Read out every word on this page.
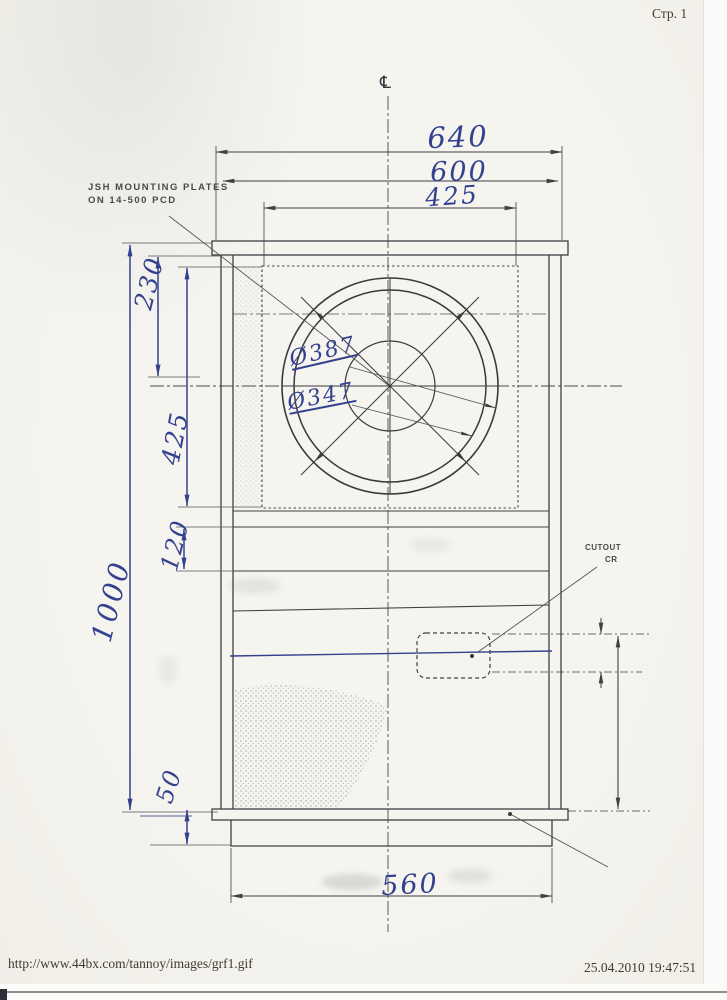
Стр. 1
http://www.44bx.com/tannoy/images/grf1.gif	25.04.2010 19:47:51
℄
JSH MOUNTING PLATES
ON 14-500 PCD
CUTOUT
CR
640
600
425
1000
230
425
120
50
560
Ø387
Ø347
